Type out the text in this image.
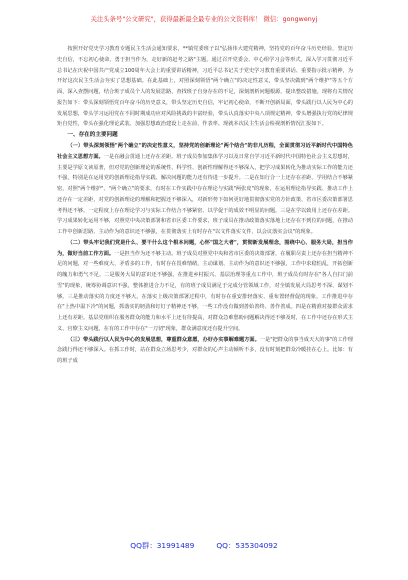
关注头条号"公文研究"，获得最新最全最专业的公文资料库！ 微信：gongwenyj

按照开好党史学习教育专题民主生活会通知要求，**镇党委班子以"弘扬伟大建党精神，坚持党的百年奋斗历史经验，坚定历史自信，不忘初心使命，勇于担当作为，走好新的赶考之路"主题，通过召开党委会、中心组学习会等形式，深入学习贯彻习近平总书记在庆祝中国共产党成立100周年大会上的重要讲话精神，习近平总书记关于党史学习教育重要讲话、重要指示批示精神，为开好这次民主生活会夯实了思想基础。在此基础上，对照深刻领悟"两个确立"的决定性意义，带头坚决做到"两个维护"等五个方面，深入查摆问题，结合班子成员个人的发展思路，查找班子自身存在的不足，深刻剖析问题根源，提出整改措施。现将有关情况报告如下：带头深刻领悟党百年奋斗的历史意义，带头坚定历史自信，牢记初心使命，不断开创新局面，带头践行以人民为中心的发展思想，带头学习运用党在不同时期成功应对风险挑战的丰富经验，带头认真落实中央八项规定精神，带头增强执行党的纪律规矩自觉性，带头在强化理论武装、加强思想政治建设上走在前、作表率。现就本次民主生活会检视剖析情况汇报如下。

一、存在的主要问题

（一）带头深刻领悟"两个确立"的决定性意义，坚持党的创新理论"两个结合"的非凡历程，全面贯彻习近平新时代中国特色社会主义思想方面。一是在融会贯通上还存在差距。班子成员参加集体学习以及日常自学习近平新时代中国特色社会主义思想时，主要是学原文读原著，但对党的创新理论的系统性、科学性、创新性理解得还不够深入，把学习成果转化为推动实际工作的能力还不强，特别是在运用党的创新理论指导实践、解决问题的能力还有待进一步提升。二是在知行合一上还存在差距。学用结合不够紧密，对照"两个维护"、"两个确立"的要求，有时在工作实践中存在理论与实践"两张皮"的现象，在运用理论指导实践、推动工作上还存在一定差距，对党的创新理论的理解和把握还不够深入，对新形势下如何更好地贯彻落实党的方针政策、省市区委决策部署思考得还不够。一定程度上存在理论学习与实际工作结合不够紧密、以学促干的成效不明显的问题。三是在学以致用上还存在差距。学习成果转化运用不够，对照党中央决策部署和省市区委工作要求，班子成员在推动政策落实落地上还存在不到位的问题，在推动工作中创新思路、主动作为的意识还不够强，在贯彻落实上有时存在"以文件落实文件、以会议落实会议"的现象。

（二）带头牢记我们党是什么、要干什么这个根本问题，心怀"国之大者"，贯彻新发展理念，围绕中心、服务大局，担当作为，做好当前工作方面。一是担当作为还不够主动。班子成员对照党中央和省市区委的决策部署，在履职尽责上还存在担当精神不足的问题，对一些难度大、矛盾多的工作，有时存在畏难情绪，主动谋划、主动作为的意识还不够强，工作中求稳怕乱，开拓创新的魄力和勇气不足。二是服务大局的意识还不够强。在推进乡村振兴、基层治理等重点工作中，班子成员有时存在"各人自扫门前雪"的现象，统筹协调意识不强，整体推进合力不足，有的班子成员满足于完成分管领域工作，对全镇发展大局思考不深、谋划不够。三是推动落实的力度还不够大。在落实上级决策部署过程中，有时存在重安排轻落实、重布置轻督促的现象，工作推进中存在"上热中温下冷"的问题，抓落实的韧劲和钉钉子精神还不够，一些工作没有做到善始善终、善作善成。四是在精准对接群众需求上还有差距。基层党组织在服务群众的能力和水平上还有待提高，对群众急难愁盼问题解决得还不够及时，在工作中还存在形式主义、官僚主义问题，在有的工作中存在"一刀切"现象，群众满意度还有提升空间。

（三）带头践行以人民为中心的发展思想，尊重群众意愿，办好办实事解难题方面。一是"把群众的事当成天大的事"的工作理念践行得还不够深入。在抓工作时，站在群众立场思考少，对群众的心声主动倾听不多，没有时刻把群众冷暖挂在心上。比如：有的班子成

QQ群：31991489	QQ：535304092
